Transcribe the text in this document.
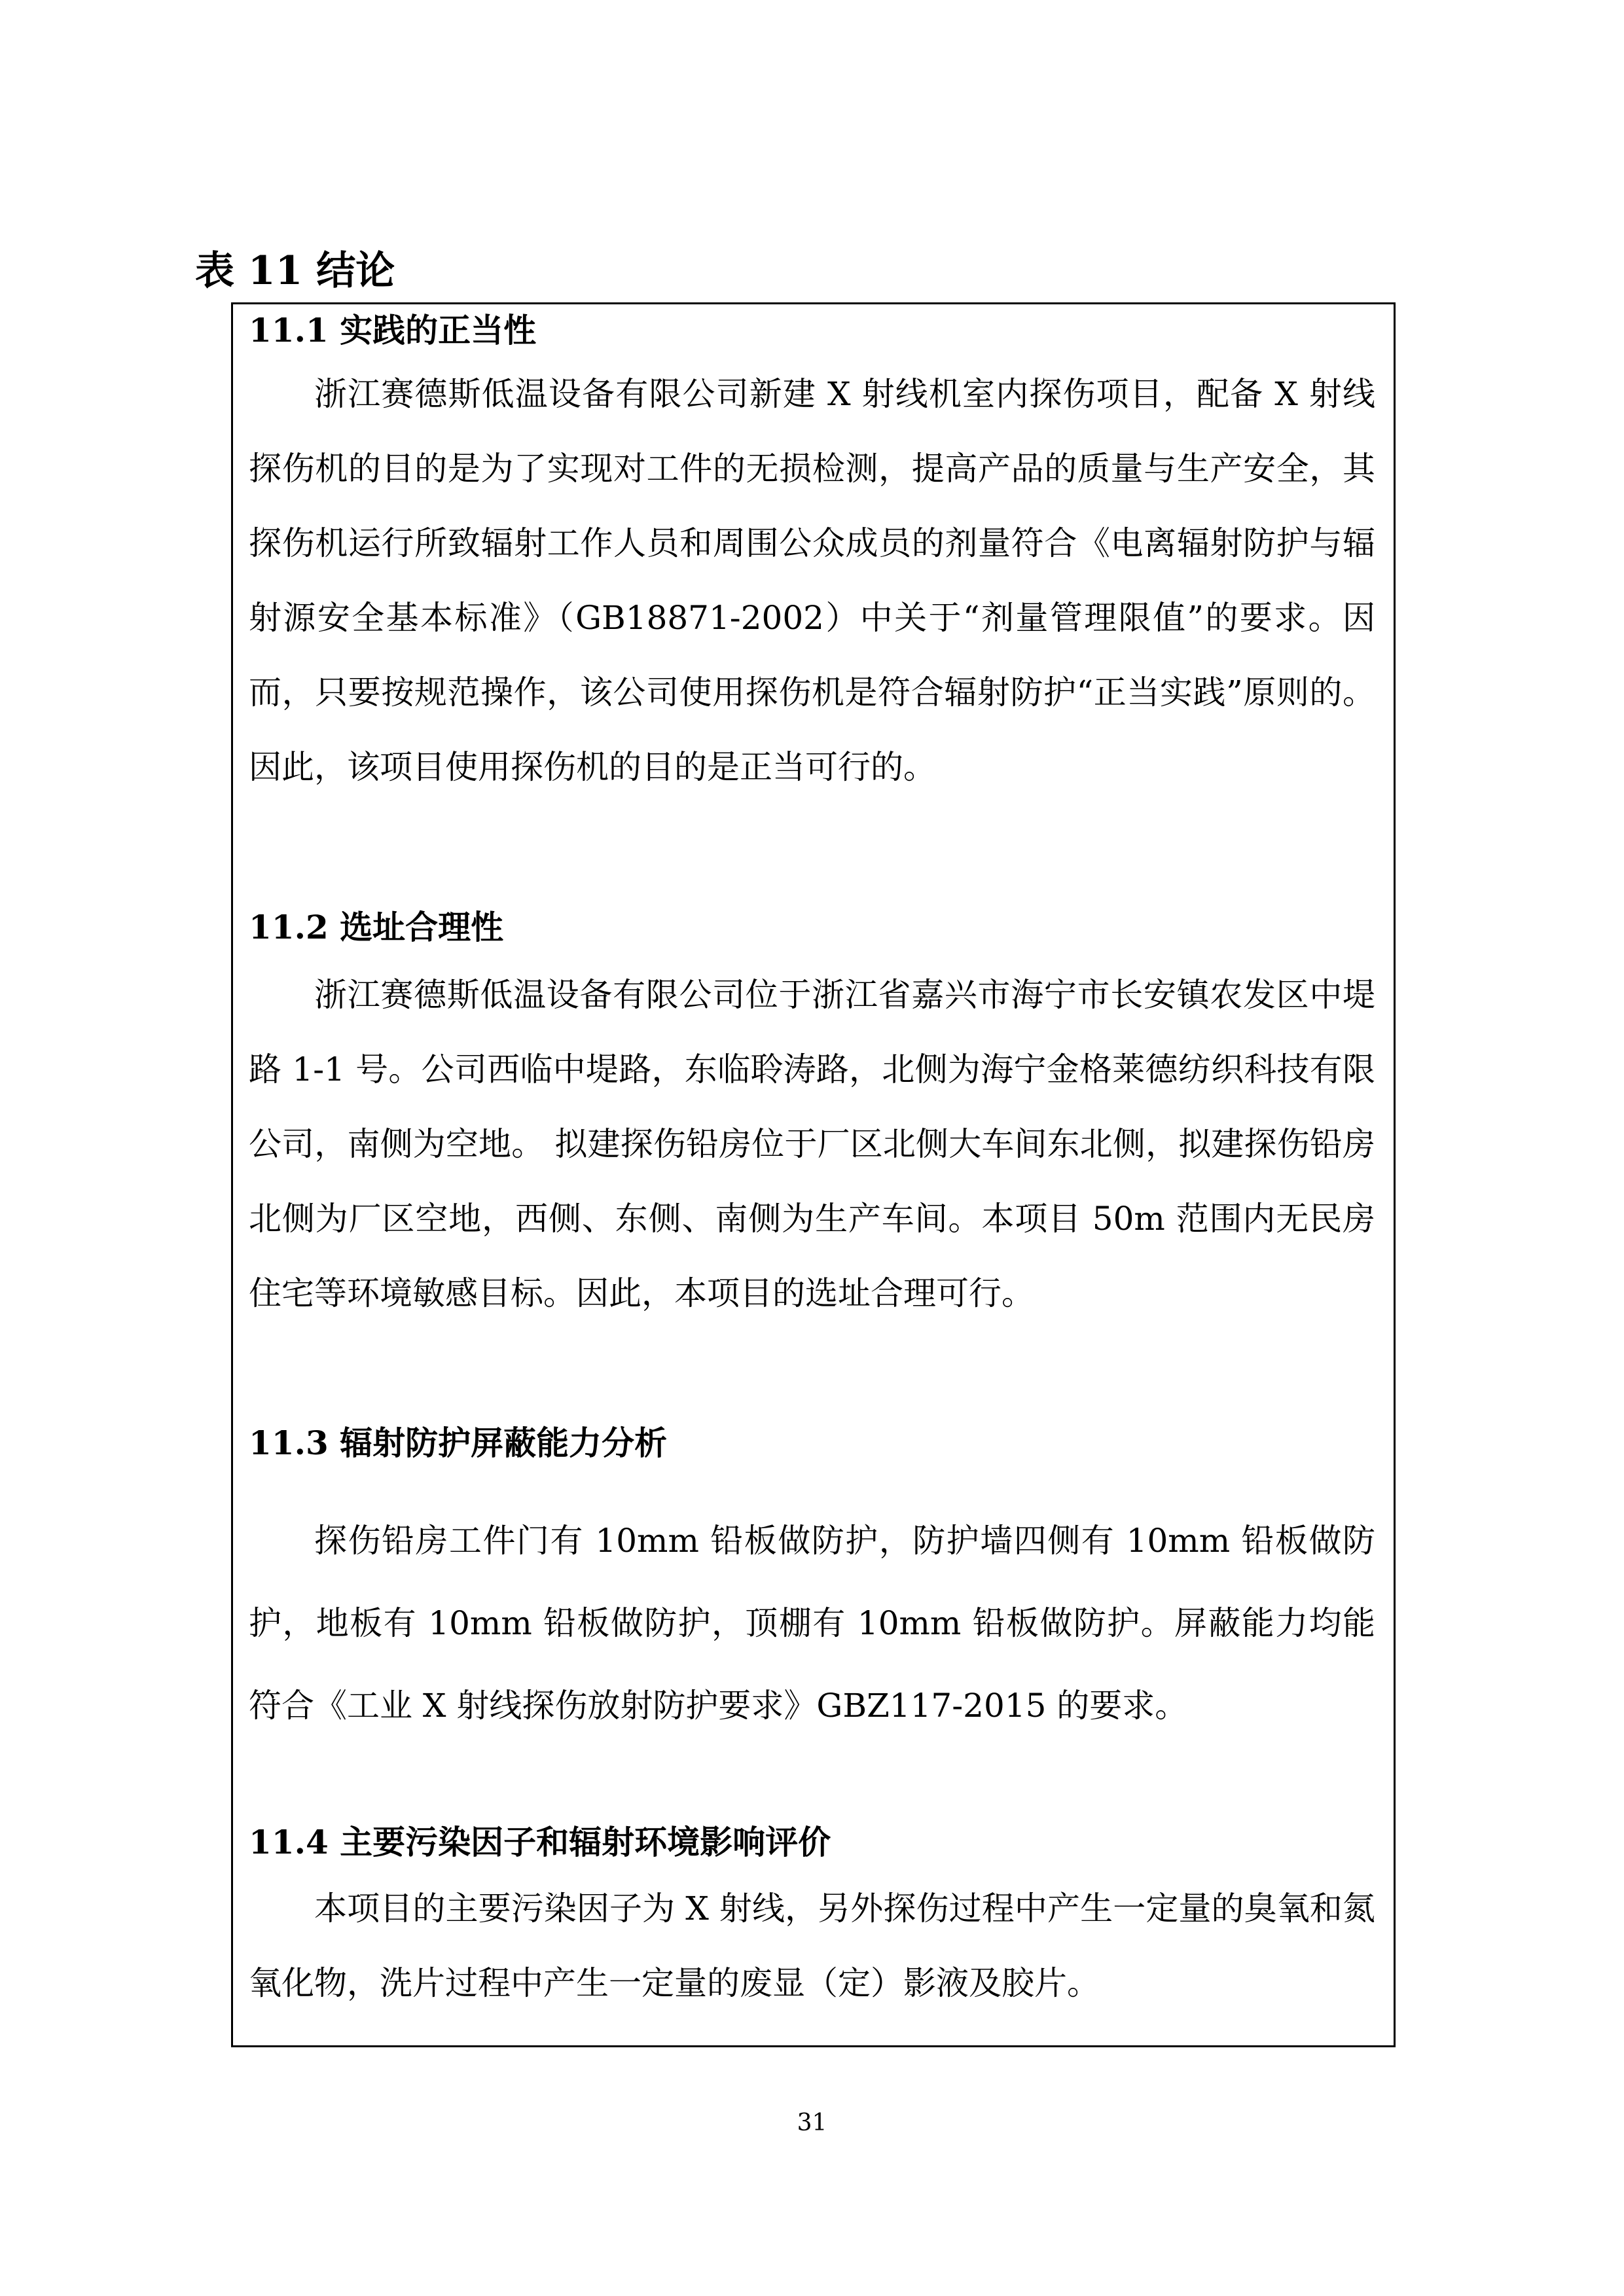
表 11 结论
11.1 实践的正当性

浙江赛德斯低温设备有限公司新建 X 射线机室内探伤项目，配备 X 射线探伤机的目的是为了实现对工件的无损检测，提高产品的质量与生产安全，其探伤机运行所致辐射工作人员和周围公众成员的剂量符合《电离辐射防护与辐射源安全基本标准》（GB18871-2002）中关于“剂量管理限值”的要求。因而，只要按规范操作，该公司使用探伤机是符合辐射防护“正当实践”原则的。因此，该项目使用探伤机的目的是正当可行的。

11.2 选址合理性

浙江赛德斯低温设备有限公司位于浙江省嘉兴市海宁市长安镇农发区中堤路 1-1 号。公司西临中堤路，东临聆涛路，北侧为海宁金格莱德纺织科技有限公司，南侧为空地。 拟建探伤铅房位于厂区北侧大车间东北侧，拟建探伤铅房北侧为厂区空地，西侧、东侧、南侧为生产车间。本项目 50m 范围内无民房住宅等环境敏感目标。因此，本项目的选址合理可行。

11.3 辐射防护屏蔽能力分析

探伤铅房工件门有 10mm 铅板做防护，防护墙四侧有 10mm 铅板做防护，地板有 10mm 铅板做防护，顶棚有 10mm 铅板做防护。屏蔽能力均能符合《工业 X 射线探伤放射防护要求》GBZ117-2015 的要求。

11.4 主要污染因子和辐射环境影响评价

本项目的主要污染因子为 X 射线，另外探伤过程中产生一定量的臭氧和氮氧化物，洗片过程中产生一定量的废显（定）影液及胶片。

31
